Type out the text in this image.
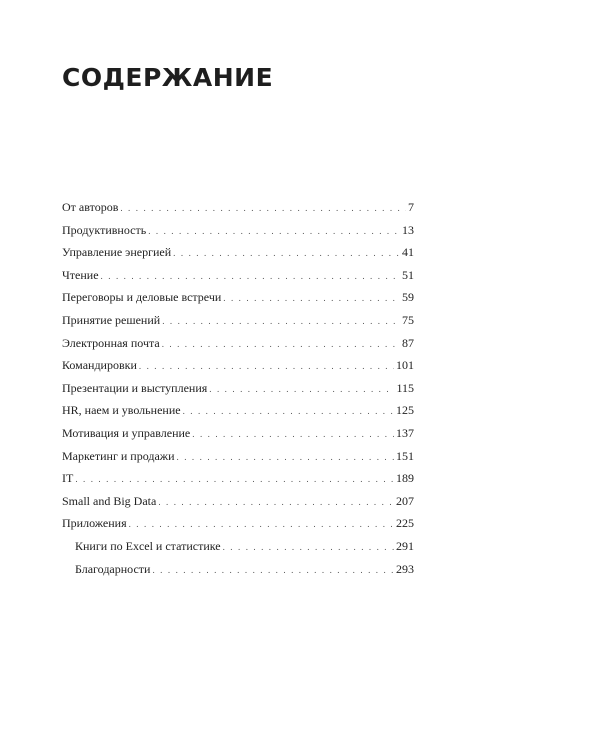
СОДЕРЖАНИЕ
От авторов . . .	7
Продуктивность . . .	13
Управление энергией . . .	41
Чтение . . .	51
Переговоры и деловые встречи . . .	59
Принятие решений . . .	75
Электронная почта . . .	87
Командировки . . .	101
Презентации и выступления . . .	115
HR, наем и увольнение . . .	125
Мотивация и управление . . .	137
Маркетинг и продажи . . .	151
IT . . .	189
Small and Big Data . . .	207
Приложения . . .	225
Книги по Excel и статистике . . .	291
Благодарности . . .	293
